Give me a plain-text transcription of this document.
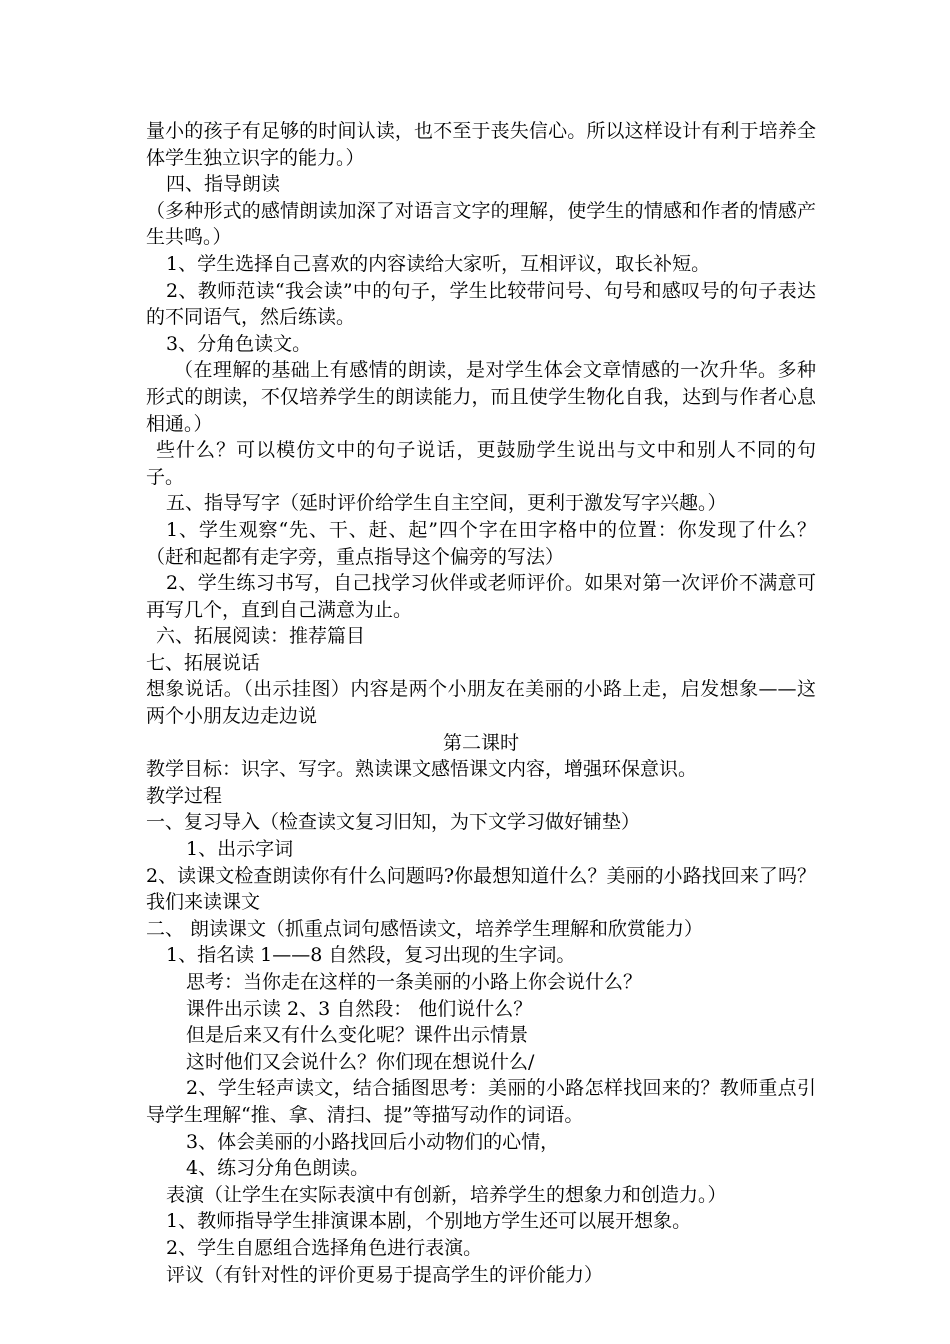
量小的孩子有足够的时间认读，也不至于丧失信心。所以这样设计有利于培养全体学生独立识字的能力。）

四、指导朗读

（多种形式的感情朗读加深了对语言文字的理解，使学生的情感和作者的情感产生共鸣。）

1、学生选择自己喜欢的内容读给大家听，互相评议，取长补短。

2、教师范读“我会读”中的句子，学生比较带问号、句号和感叹号的句子表达的不同语气，然后练读。

3、分角色读文。

（在理解的基础上有感情的朗读，是对学生体会文章情感的一次升华。多种形式的朗读，不仅培养学生的朗读能力，而且使学生物化自我，达到与作者心息相通。）

些什么？可以模仿文中的句子说话，更鼓励学生说出与文中和别人不同的句子。

五、指导写字（延时评价给学生自主空间，更利于激发写字兴趣。）

1、学生观察“先、干、赶、起”四个字在田字格中的位置：你发现了什么？（赶和起都有走字旁，重点指导这个偏旁的写法）

2、学生练习书写，自己找学习伙伴或老师评价。如果对第一次评价不满意可再写几个，直到自己满意为止。

六、拓展阅读：推荐篇目

七、拓展说话

想象说话。（出示挂图）内容是两个小朋友在美丽的小路上走，启发想象——这两个小朋友边走边说

第二课时

教学目标：识字、写字。熟读课文感悟课文内容，增强环保意识。

教学过程

一、复习导入（检查读文复习旧知，为下文学习做好铺垫）

1、出示字词

2、读课文检查朗读你有什么问题吗?你最想知道什么？美丽的小路找回来了吗？我们来读课文

二、 朗读课文（抓重点词句感悟读文，培养学生理解和欣赏能力）

1、指名读 1——8 自然段，复习出现的生字词。

思考：当你走在这样的一条美丽的小路上你会说什么？

课件出示读 2、3 自然段： 他们说什么？

但是后来又有什么变化呢？课件出示情景

这时他们又会说什么？你们现在想说什么/

2、学生轻声读文，结合插图思考：美丽的小路怎样找回来的？教师重点引导学生理解“推、拿、清扫、提”等描写动作的词语。

3、体会美丽的小路找回后小动物们的心情，

4、练习分角色朗读。

表演（让学生在实际表演中有创新，培养学生的想象力和创造力。）

1、教师指导学生排演课本剧，个别地方学生还可以展开想象。

2、学生自愿组合选择角色进行表演。

评议（有针对性的评价更易于提高学生的评价能力）
